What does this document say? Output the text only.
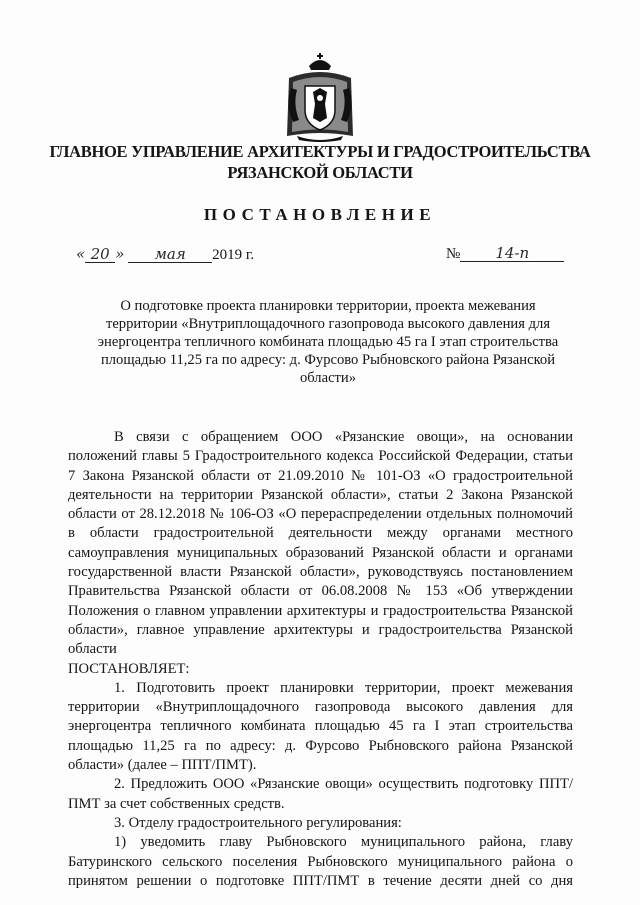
ГЛАВНОЕ УПРАВЛЕНИЕ АРХИТЕКТУРЫ И ГРАДОСТРОИТЕЛЬСТВА
РЯЗАНСКОЙ ОБЛАСТИ
ПОСТАНОВЛЕНИЕ
« 20 » мая 2019 г.	№ 14-п
О подготовке проекта планировки территории, проекта межевания территории «Внутриплощадочного газопровода высокого давления для энергоцентра тепличного комбината площадью 45 га I этап строительства площадью 11,25 га по адресу: д. Фурсово Рыбновского района Рязанской области»

В связи с обращением ООО «Рязанские овощи», на основании положений главы 5 Градостроительного кодекса Российской Федерации, статьи 7 Закона Рязанской области от 21.09.2010 № 101-ОЗ «О градостроительной деятельности на территории Рязанской области», статьи 2 Закона Рязанской области от 28.12.2018 № 106-ОЗ «О перераспределении отдельных полномочий в области градостроительной деятельности между органами местного самоуправления муниципальных образований Рязанской области и органами государственной власти Рязанской области», руководствуясь постановлением Правительства Рязанской области от 06.08.2008 № 153 «Об утверждении Положения о главном управлении архитектуры и градостроительства Рязанской области», главное управление архитектуры и градостроительства Рязанской области

ПОСТАНОВЛЯЕТ:

1. Подготовить проект планировки территории, проект межевания территории «Внутриплощадочного газопровода высокого давления для энергоцентра тепличного комбината площадью 45 га I этап строительства площадью 11,25 га по адресу: д. Фурсово Рыбновского района Рязанской области» (далее – ППТ/ПМТ).

2. Предложить ООО «Рязанские овощи» осуществить подготовку ППТ/ПМТ за счет собственных средств.

3. Отделу градостроительного регулирования:

1) уведомить главу Рыбновского муниципального района, главу Батуринского сельского поселения Рыбновского муниципального района о принятом решении о подготовке ППТ/ПМТ в течение десяти дней со дня
